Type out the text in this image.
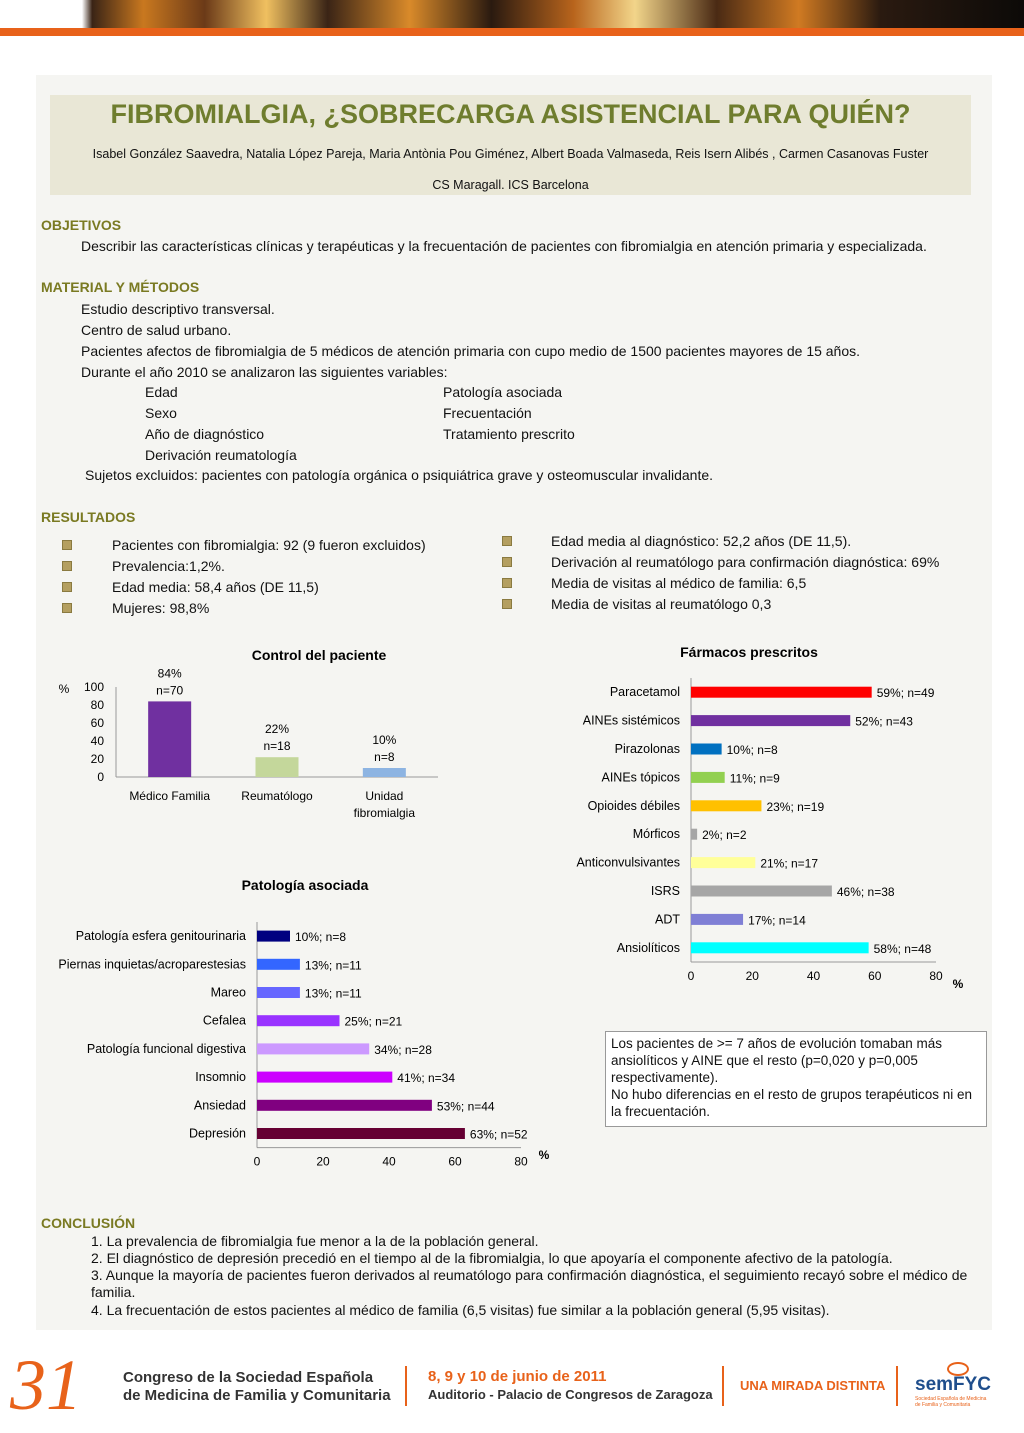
FIBROMIALGIA, ¿SOBRECARGA ASISTENCIAL PARA QUIÉN?
Isabel González Saavedra, Natalia López Pareja, Maria Antònia Pou Giménez, Albert Boada Valmaseda, Reis Isern Alibés , Carmen Casanovas Fuster
CS Maragall. ICS Barcelona
OBJETIVOS
Describir las características clínicas y terapéuticas y la frecuentación de pacientes con fibromialgia en atención primaria y especializada.
MATERIAL Y MÉTODOS
Estudio descriptivo transversal.
Centro de salud urbano.
Pacientes afectos de fibromialgia de 5 médicos de atención primaria con cupo medio de 1500 pacientes mayores de 15 años.
Durante el año 2010 se analizaron las siguientes variables:
Edad
Sexo
Año de diagnóstico
Derivación reumatología
Patología asociada
Frecuentación
Tratamiento prescrito
Sujetos excluidos: pacientes con patología orgánica o psiquiátrica grave y osteomuscular invalidante.
RESULTADOS
Pacientes con fibromialgia: 92 (9 fueron excluidos)
Prevalencia:1,2%.
Edad media: 58,4 años (DE 11,5)
Mujeres: 98,8%
Edad media al diagnóstico: 52,2 años (DE 11,5).
Derivación al reumatólogo para confirmación diagnóstica: 69%
Media de visitas al médico de familia: 6,5
Media de visitas al reumatólogo 0,3
Control del paciente
% 100
80
60
40
20
0
84%
n=70
Médico Familia
22%
n=18
Reumatólogo
10%
n=8
Unidad
fibromialgia
Fármacos prescritos
%
0	20	40	60	80
Paracetamol	59%; n=49
AINEs sistémicos	52%; n=43
Pirazolonas	10%; n=8
AINEs tópicos	11%; n=9
Opioides débiles	23%; n=19
Mórficos 2%; n=2
Anticonvulsivantes	21%; n=17
ISRS	46%; n=38
ADT	17%; n=14
Ansiolíticos	58%; n=48
Patología asociada
%
0	20	40	60	80
Patología esfera genitourinaria	10%; n=8
Piernas inquietas/acroparestesias	13%; n=11
Mareo	13%; n=11
Cefalea	25%; n=21
Patología funcional digestiva	34%; n=28
Insomnio	41%; n=34
Ansiedad	53%; n=44
Depresión	63%; n=52

Los pacientes de >= 7 años de evolución tomaban más ansiolíticos y AINE que el resto (p=0,020 y p=0,005 respectivamente).

No hubo diferencias en el resto de grupos terapéuticos ni en la frecuentación.

CONCLUSIÓN
1. La prevalencia de fibromialgia fue menor a la de la población general.
2. El diagnóstico de depresión precedió en el tiempo al de la fibromialgia, lo que apoyaría el componente afectivo de la patología.
3. Aunque la mayoría de pacientes fueron derivados al reumatólogo para confirmación diagnóstica, el seguimiento recayó sobre el médico de familia.
4. La frecuentación de estos pacientes al médico de familia (6,5 visitas) fue similar a la población general (5,95 visitas).
31	Congreso de la Sociedad Española
de Medicina de Familia y Comunitaria
8, 9 y 10 de junio de 2011
Auditorio - Palacio de Congresos de Zaragoza
UNA MIRADA DISTINTA semFYC
Sociedad Española de Medicina
de Familia y Comunitaria
